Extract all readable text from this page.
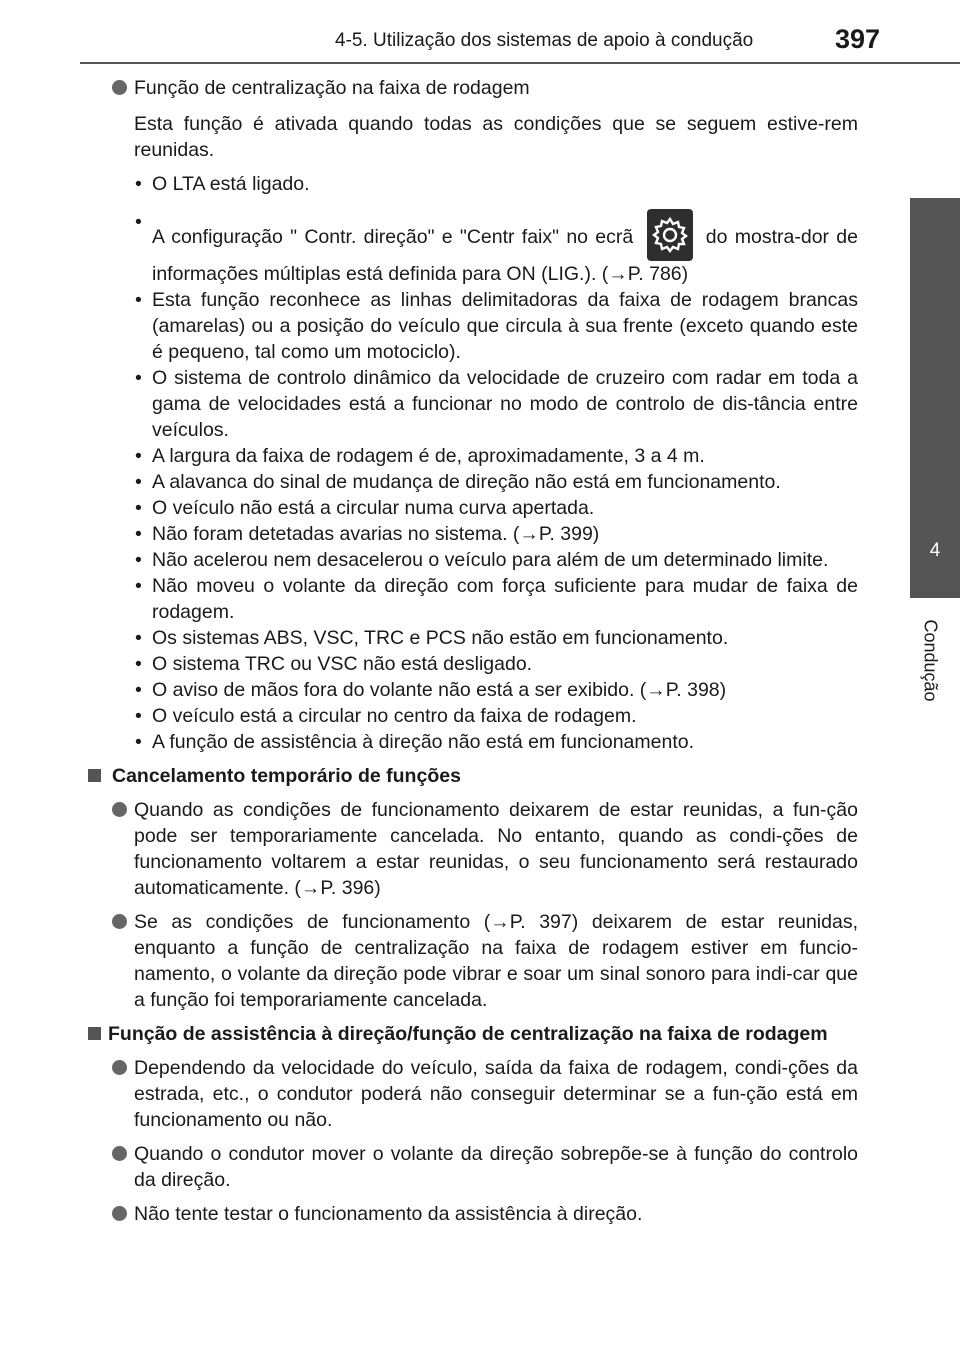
4-5. Utilização dos sistemas de apoio à condução	397
4
Condução

Função de centralização na faixa de rodagem

Esta função é ativada quando todas as condições que se seguem estive-rem reunidas.

• O LTA está ligado.
• A configuração " Contr. direção" e "Centr faix" no ecrã	do mostra-dor de informações múltiplas está definida para ON (LIG.). (→P. 786)
• Esta função reconhece as linhas delimitadoras da faixa de rodagem brancas (amarelas) ou a posição do veículo que circula à sua frente (exceto quando este é pequeno, tal como um motociclo).
• O sistema de controlo dinâmico da velocidade de cruzeiro com radar em toda a gama de velocidades está a funcionar no modo de controlo de dis-tância entre veículos.
• A largura da faixa de rodagem é de, aproximadamente, 3 a 4 m.
• A alavanca do sinal de mudança de direção não está em funcionamento.
• O veículo não está a circular numa curva apertada.
• Não foram detetadas avarias no sistema. (→P. 399)
• Não acelerou nem desacelerou o veículo para além de um determinado limite.
• Não moveu o volante da direção com força suficiente para mudar de faixa de rodagem.
• Os sistemas ABS, VSC, TRC e PCS não estão em funcionamento.
• O sistema TRC ou VSC não está desligado.
• O aviso de mãos fora do volante não está a ser exibido. (→P. 398)
• O veículo está a circular no centro da faixa de rodagem.
• A função de assistência à direção não está em funcionamento.

Cancelamento temporário de funções

Quando as condições de funcionamento deixarem de estar reunidas, a fun-ção pode ser temporariamente cancelada. No entanto, quando as condi-ções de funcionamento voltarem a estar reunidas, o seu funcionamento será restaurado automaticamente. (→P. 396)

Se as condições de funcionamento (→P. 397) deixarem de estar reunidas, enquanto a função de centralização na faixa de rodagem estiver em funcio-namento, o volante da direção pode vibrar e soar um sinal sonoro para indi-car que a função foi temporariamente cancelada.

Função de assistência à direção/função de centralização na faixa de rodagem

Dependendo da velocidade do veículo, saída da faixa de rodagem, condi-ções da estrada, etc., o condutor poderá não conseguir determinar se a fun-ção está em funcionamento ou não.

Quando o condutor mover o volante da direção sobrepõe-se à função do controlo da direção.

Não tente testar o funcionamento da assistência à direção.
